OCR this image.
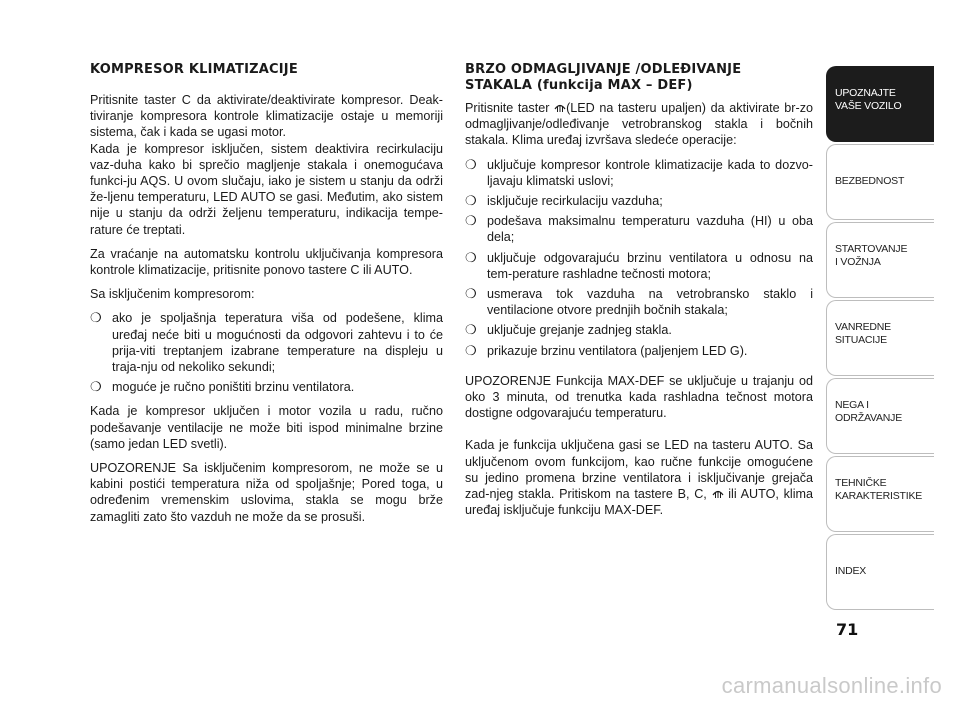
KOMPRESOR KLIMATIZACIJE

Pritisnite taster C da aktivirate/deaktivirate kompresor. Deak-tiviranje kompresora kontrole klimatizacije ostaje u memoriji sistema, čak i kada se ugasi motor.

Kada je kompresor isključen, sistem deaktivira recirkulaciju vaz-duha kako bi sprečio magljenje stakala i onemogućava funkci-ju AQS. U ovom slučaju, iako je sistem u stanju da održi že-ljenu temperaturu, LED AUTO se gasi. Međutim, ako sistem nije u stanju da održi željenu temperaturu, indikacija tempe-rature će treptati.

Za vraćanje na automatsku kontrolu uključivanja kompresora kontrole klimatizacije, pritisnite ponovo tastere C ili AUTO.

Sa isključenim kompresorom:

❍ ako je spoljašnja teperatura viša od podešene, klima uređaj neće biti u mogućnosti da odgovori zahtevu i to će prija-viti treptanjem izabrane temperature na displeju u traja-nju od nekoliko sekundi;
❍ moguće je ručno poništiti brzinu ventilatora.

Kada je kompresor uključen i motor vozila u radu, ručno podešavanje ventilacije ne može biti ispod minimalne brzine (samo jedan LED svetli).

UPOZORENJE Sa isključenim kompresorom, ne može se u kabini postići temperatura niža od spoljašnje; Pored toga, u određenim vremenskim uslovima, stakla se mogu brže zamagliti zato što vazduh ne može da se prosuši.

BRZO ODMAGLJIVANJE /ODLEĐIVANJE
STAKALA (funkcija MAX – DEF)

Pritisnite taster (LED na tasteru upaljen) da aktivirate br-zo odmagljivanje/odleđivanje vetrobranskog stakla i bočnih stakala. Klima uređaj izvršava sledeće operacije:

❍ uključuje kompresor kontrole klimatizacije kada to dozvo-ljavaju klimatski uslovi;
❍ isključuje recirkulaciju vazduha;
❍ podešava maksimalnu temperaturu vazduha (HI) u oba dela;
❍ uključuje odgovarajuću brzinu ventilatora u odnosu na tem-perature rashladne tečnosti motora;
❍ usmerava tok vazduha na vetrobransko staklo i ventilacione otvore prednjih bočnih stakala;
❍ uključuje grejanje zadnjeg stakla.
❍ prikazuje brzinu ventilatora (paljenjem LED G).

UPOZORENJE Funkcija MAX-DEF se uključuje u trajanju od oko 3 minuta, od trenutka kada rashladna tečnost motora dostigne odgovarajuću temperaturu.

Kada je funkcija uključena gasi se LED na tasteru AUTO. Sa uključenom ovom funkcijom, kao ručne funkcije omogućene su jedino promena brzine ventilatora i isključivanje grejača zad-njeg stakla. Pritiskom na tastere B, C, ili AUTO, klima uređaj isključuje funkciju MAX-DEF.

UPOZNAJTE
VAŠE VOZILO
BEZBEDNOST
STARTOVANJE
I VOŽNJA
VANREDNE
SITUACIJE
NEGA I
ODRŽAVANJE
TEHNIČKE
KARAKTERISTIKE
INDEX
71
carmanualsonline.info
